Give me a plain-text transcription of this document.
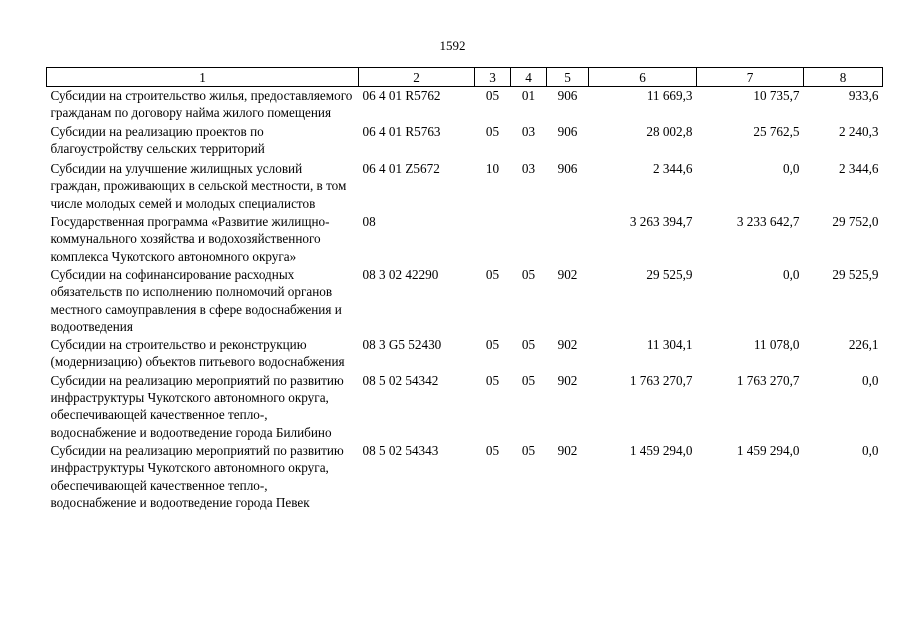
1592
1	2	3	4	5	6	7	8
Субсидии на строительство жилья, предоставляемого гражданам по договору найма жилого помещения	06 4 01 R5762	05	01	906	11 669,3	10 735,7	933,6
Субсидии на реализацию проектов по благоустройству сельских территорий	06 4 01 R5763	05	03	906	28 002,8	25 762,5	2 240,3
Субсидии на улучшение жилищных условий граждан, проживающих в сельской местности, в том числе молодых семей и молодых специалистов	06 4 01 Z5672	10	03	906	2 344,6	0,0	2 344,6
Государственная программа «Развитие жилищно-коммунального хозяйства и водохозяйственного комплекса Чукотского автономного округа»	08				3 263 394,7	3 233 642,7	29 752,0
Субсидии на софинансирование расходных обязательств по исполнению полномочий органов местного самоуправления в сфере водоснабжения и водоотведения	08 3 02 42290	05	05	902	29 525,9	0,0	29 525,9
Субсидии на строительство и реконструкцию (модернизацию) объектов питьевого водоснабжения	08 3 G5 52430	05	05	902	11 304,1	11 078,0	226,1
Субсидии на реализацию мероприятий по развитию инфраструктуры Чукотского автономного округа, обеспечивающей качественное тепло-, водоснабжение и водоотведение города Билибино	08 5 02 54342	05	05	902	1 763 270,7	1 763 270,7	0,0
Субсидии на реализацию мероприятий по развитию инфраструктуры Чукотского автономного округа, обеспечивающей качественное тепло-, водоснабжение и водоотведение города Певек	08 5 02 54343	05	05	902	1 459 294,0	1 459 294,0	0,0
